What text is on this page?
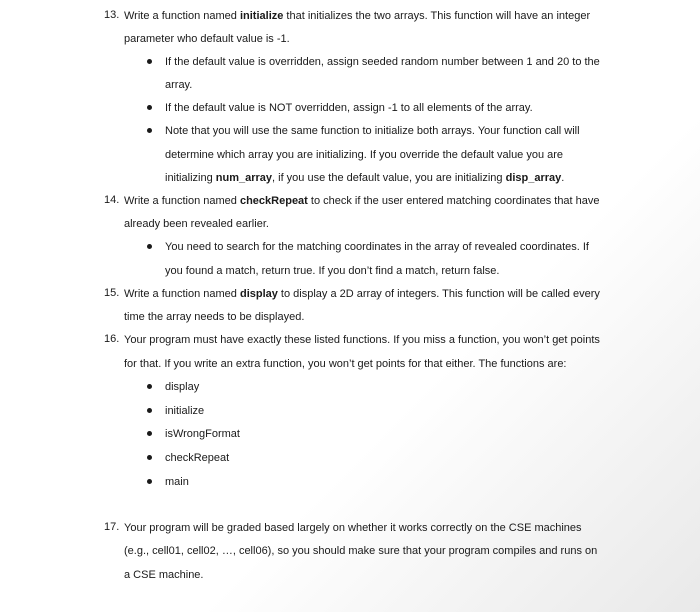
13. Write a function named initialize that initializes the two arrays. This function will have an integer
parameter who default value is -1.
If the default value is overridden, assign seeded random number between 1 and 20 to the
array.
If the default value is NOT overridden, assign -1 to all elements of the array.
Note that you will use the same function to initialize both arrays. Your function call will
determine which array you are initializing. If you override the default value you are
initializing num_array, if you use the default value, you are initializing disp_array.
14. Write a function named checkRepeat to check if the user entered matching coordinates that have
already been revealed earlier.
You need to search for the matching coordinates in the array of revealed coordinates. If
you found a match, return true. If you don’t find a match, return false.
15. Write a function named display to display a 2D array of integers. This function will be called every
time the array needs to be displayed.
16. Your program must have exactly these listed functions. If you miss a function, you won’t get points
for that. If you write an extra function, you won’t get points for that either. The functions are:
display
initialize
isWrongFormat
checkRepeat
main
17. Your program will be graded based largely on whether it works correctly on the CSE machines
(e.g., cell01, cell02, …, cell06), so you should make sure that your program compiles and runs on
a CSE machine.
